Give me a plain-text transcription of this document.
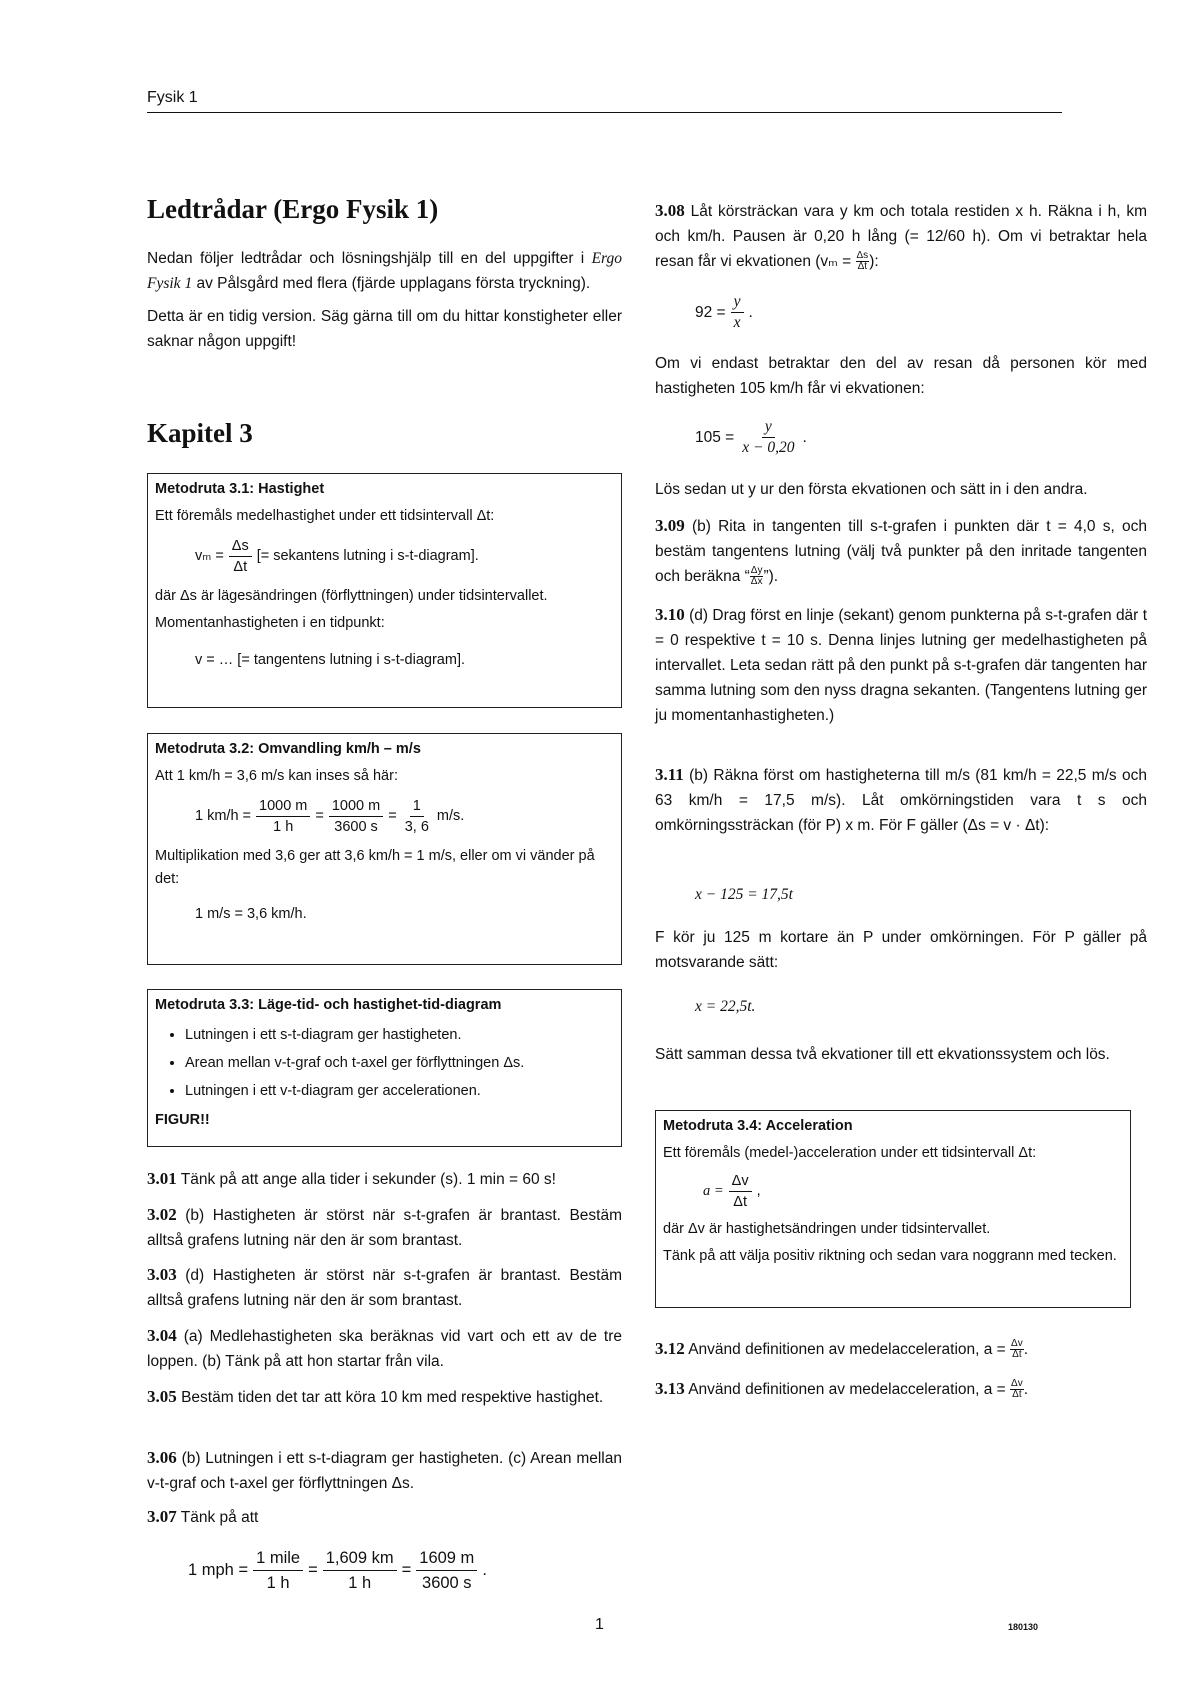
Fysik 1
Ledtrådar (Ergo Fysik 1)

Nedan följer ledtrådar och lösningshjälp till en del uppgifter i Ergo Fysik 1 av Pålsgård med flera (fjärde upplagans första tryckning).

Detta är en tidig version. Säg gärna till om du hittar konstigheter eller saknar någon uppgift!

Kapitel 3

Metodruta 3.1: Hastighet

Ett föremåls medelhastighet under ett tidsintervall Δt:

$v_m = \frac{\Delta s}{\Delta t}$ [= sekantens lutning i s-t-diagram].

där Δs är lägesändringen (förflyttningen) under tidsintervallet.

Momentanhastigheten i en tidpunkt:

v = … [= tangentens lutning i s-t-diagram].

Metodruta 3.2: Omvandling km/h – m/s

Att 1 km/h = 3,6 m/s kan inses så här:

1 $km/h = \frac{1000 m}{1 h} = \frac{1000 m}{3600 s} = \frac{1}{3, 6} m/s$.

Multiplikation med 3,6 ger att 3,6 km/h = 1 m/s, eller om vi vänder på det:

1 m/s = 3,6 km/h.

Metodruta 3.3: Läge-tid- och hastighet-tid-diagram

• Lutningen i ett s-t-diagram ger hastigheten.
• Arean mellan v-t-graf och t-axel ger förflyttningen Δs.
• Lutningen i ett v-t-diagram ger accelerationen.

FIGUR!!

3.01 Tänk på att ange alla tider i sekunder (s). 1 min = 60 s!

3.02 (b) Hastigheten är störst när s-t-grafen är brantast. Bestäm alltså grafens lutning när den är som brantast.

3.03 (d) Hastigheten är störst när s-t-grafen är brantast. Bestäm alltså grafens lutning när den är som brantast.

3.04 (a) Medlehastigheten ska beräknas vid vart och ett av de tre loppen. (b) Tänk på att hon startar från vila.

3.05 Bestäm tiden det tar att köra 10 km med respektive hastighet.

3.06 (b) Lutningen i ett s-t-diagram ger hastigheten. (c) Arean mellan v-t-graf och t-axel ger förflyttningen Δs.

3.07 Tänk på att

1 mph = $\frac{\text{1 mile}}{1 h} = \frac{1,609 km}{1 h} = \frac{1609 m}{3600 s}$ .

3.08 Låt körsträckan vara y km och totala restiden x h. Räkna i h, km och km/h. Pausen är 0,20 h lång (= 12/60 h). Om vi betraktar hela resan får vi ekvationen ($v_m = \frac{\Delta s}{\Delta t}$ ):

$92 = \frac{y}{x}$ .

Om vi endast betraktar den del av resan då personen kör med hastigheten 105 km/h får vi ekvationen:

$105 = \frac{y}{x - 0,20}$ .

Lös sedan ut y ur den första ekvationen och sätt in i den andra.

3.09 (b) Rita in tangenten till s-t-grafen i punkten där t = 4,0 s, och bestäm tangentens lutning (välj två punkter på den inritade tangenten och beräkna “ $\frac{\Delta y}{\Delta x}$ ”).

3.10 (d) Drag först en linje (sekant) genom punkterna på s-t-grafen där t = 0 respektive t = 10 s. Denna linjes lutning ger medelhastigheten på intervallet. Leta sedan rätt på den punkt på s-t-grafen där tangenten har samma lutning som den nyss dragna sekanten. (Tangentens lutning ger ju momentanhastigheten.)

3.11 (b) Räkna först om hastigheterna till m/s (81 km/h = 22,5 m/s och 63 km/h = 17,5 m/s). Låt omkörningstiden vara t s och omkörningssträckan (för P) x m. För F gäller (Δs = v · Δt):

x − 125 = 17,5t

F kör ju 125 m kortare än P under omkörningen. För P gäller på motsvarande sätt:

x = 22,5t.

Sätt samman dessa två ekvationer till ett ekvationssystem och lös.

Metodruta 3.4: Acceleration

Ett föremåls (medel-)acceleration under ett tidsintervall Δt:

$a = \frac{\Delta v}{\Delta t}$ ,

där Δv är hastighetsändringen under tidsintervallet.

Tänk på att välja positiv riktning och sedan vara noggrann med tecken.

3.12 Använd definitionen av medelacceleration, $a = \frac{\Delta v}{\Delta t}$ .

3.13 Använd definitionen av medelacceleration, $a = \frac{\Delta v}{\Delta t}$ .

1	180130
